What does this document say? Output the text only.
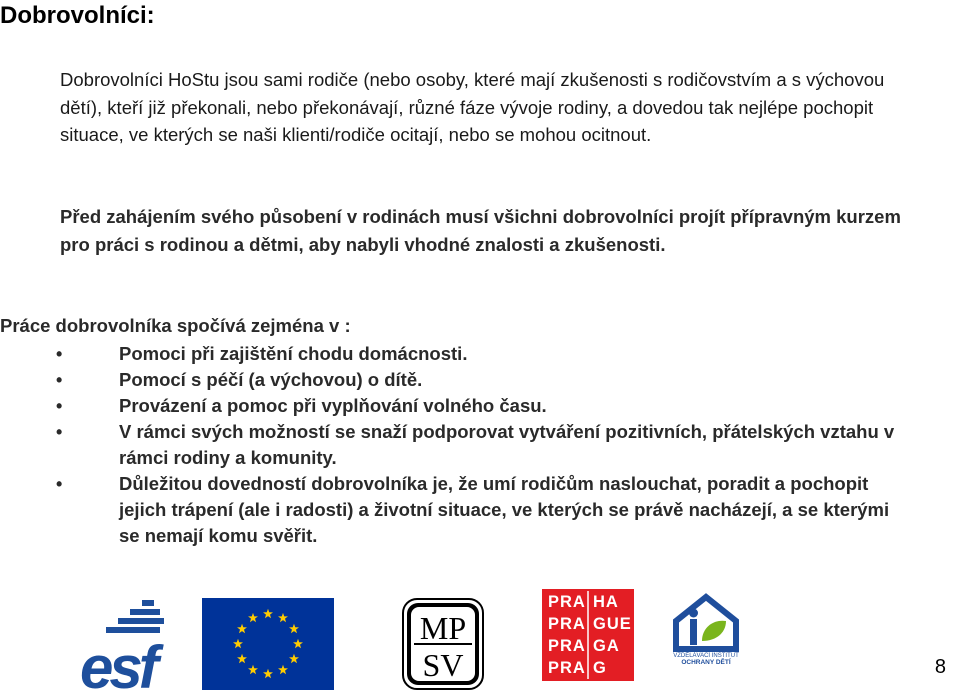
Dobrovolníci:
Dobrovolníci HoStu jsou sami rodiče (nebo osoby, které mají zkušenosti s rodičovstvím a s výchovou dětí), kteří již překonali, nebo překonávají, různé fáze vývoje rodiny, a dovedou tak nejlépe pochopit situace, ve kterých se naši klienti/rodiče ocitají, nebo se mohou ocitnout.
Před zahájením svého působení v rodinách musí všichni dobrovolníci projít přípravným kurzem pro práci s rodinou a dětmi, aby nabyli vhodné znalosti a zkušenosti.
Práce dobrovolníka spočívá zejména v :
•	Pomoci při zajištění chodu domácnosti.
•	Pomocí s péčí (a výchovou) o dítě.
•	Provázení a pomoc při vyplňování volného času.
•	V rámci svých možností se snaží podporovat vytváření pozitivních, přátelských vztahu v rámci rodiny a komunity.
•	Důležitou dovedností dobrovolníka je, že umí rodičům naslouchat, poradit a pochopit jejich trápení (ale i radosti) a životní situace, ve kterých se právě nacházejí, a se kterými se nemají komu svěřit.
esf
MP
SV
PRA HA
PRA GUE
PRA GA
PRA G
VZDĚLÁVACÍ INSTITUT
OCHRANY DĚTÍ	8
